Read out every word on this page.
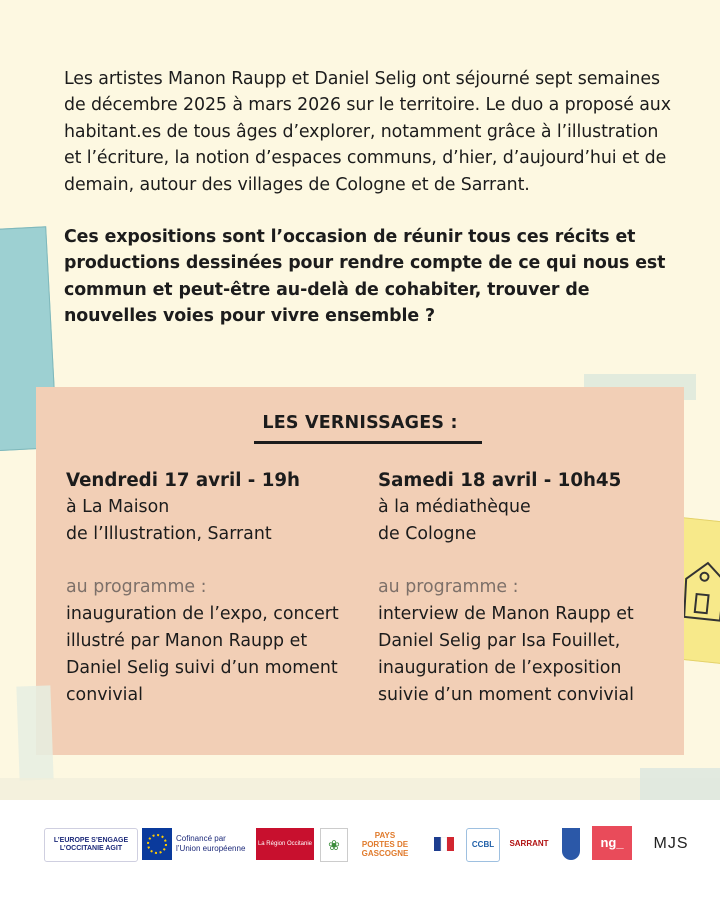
Les artistes Manon Raupp et Daniel Selig ont séjourné sept semaines de décembre 2025 à mars 2026 sur le territoire. Le duo a proposé aux habitant.es de tous âges d’explorer, notamment grâce à l’illustration et l’écriture, la notion d’espaces communs, d’hier, d’aujourd’hui et de demain, autour des villages de Cologne et de Sarrant.

Ces expositions sont l’occasion de réunir tous ces récits et productions dessinées pour rendre compte de ce qui nous est commun et peut-être au-delà de cohabiter, trouver de nouvelles voies pour vivre ensemble ?

LES VERNISSAGES :
Vendredi 17 avril - 19h
à La Maison
de l’Illustration, Sarrant
au programme :
inauguration de l’expo, concert illustré par Manon Raupp et Daniel Selig suivi d’un moment convivial
Samedi 18 avril - 10h45
à la médiathèque
de Cologne
au programme :
interview de Manon Raupp et Daniel Selig par Isa Fouillet, inauguration de l’exposition suivie d’un moment convivial
L’EUROPE S’ENGAGE
L’OCCITANIE AGIT
Cofinancé par l’Union européenne	La Région Occitanie	❀
PAYS
PORTES DE
GASCOGNE
CCBL	SARRANT	ng_	MJS
